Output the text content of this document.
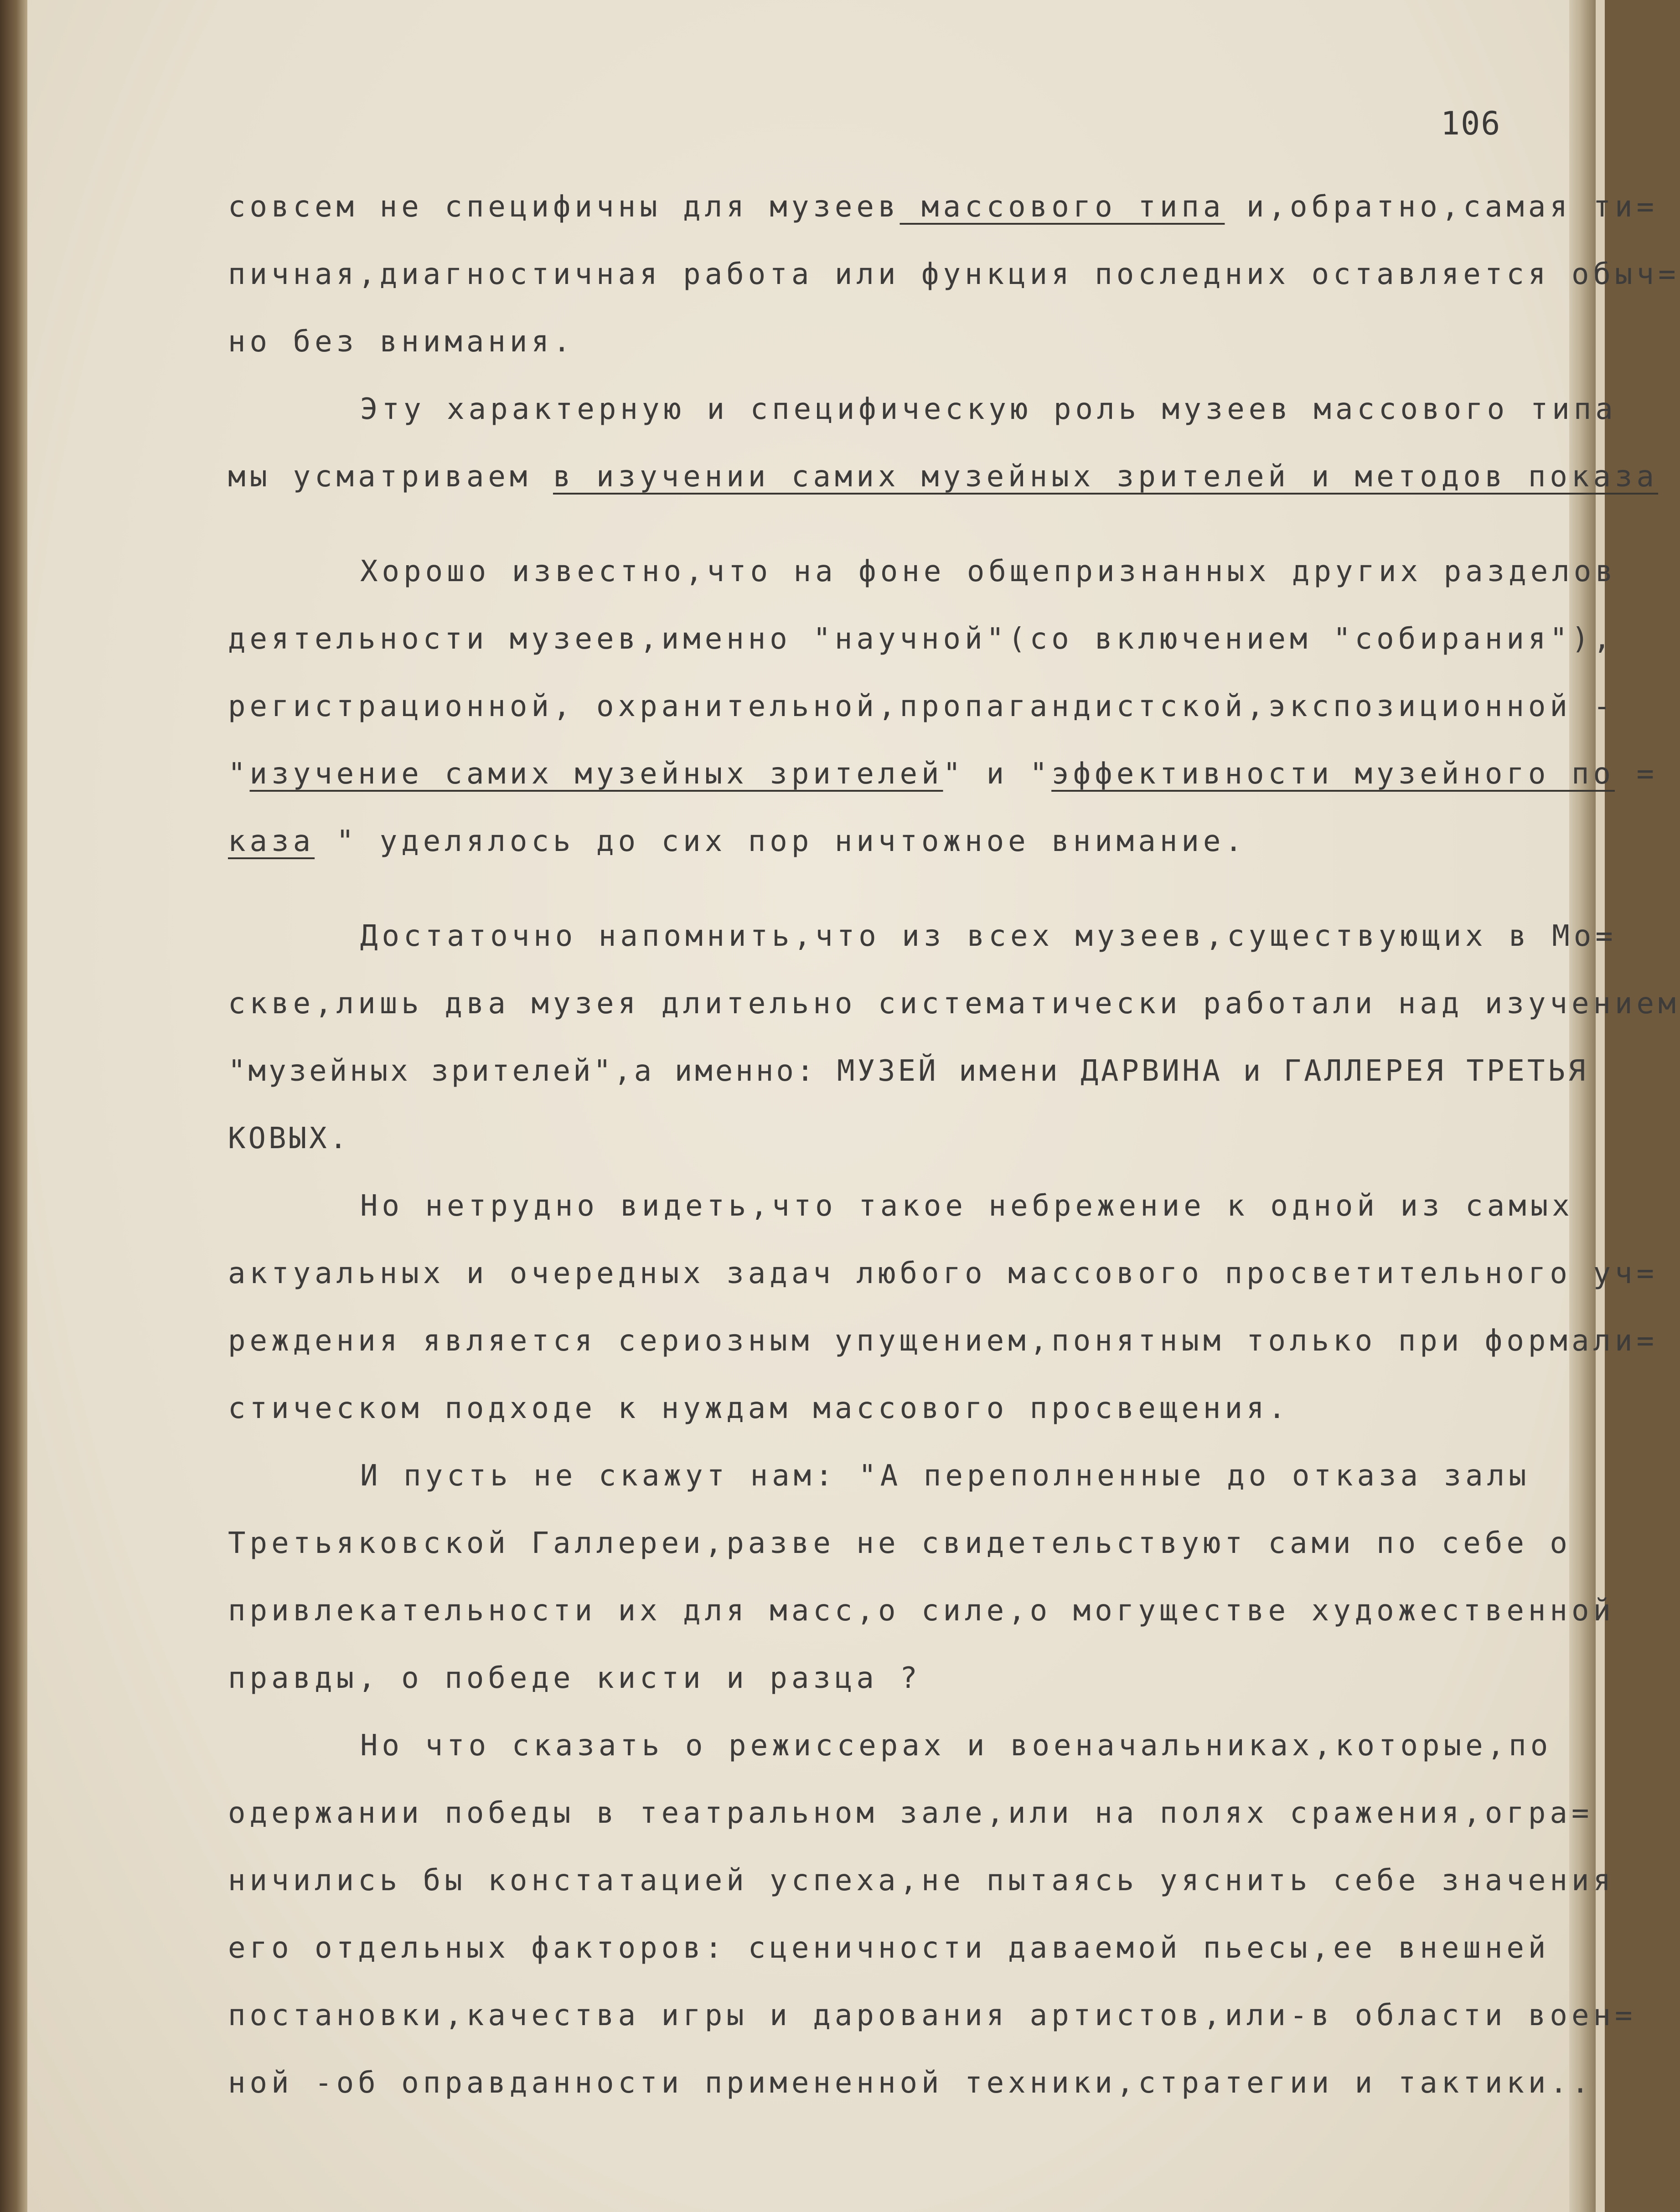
106
совсем не специфичны для музеев массового типа и,обратно,самая ти=
пичная,диагностичная работа или функция последних оставляется обыч=
но без внимания.
Эту характерную и специфическую роль музеев массового типа
мы усматриваем в изучении самих музейных зрителей и методов показа
Хорошо известно,что на фоне общепризнанных других разделов
деятельности музеев,именно "научной"(со включением "собирания"),
регистрационной, охранительной,пропагандистской,экспозиционной -
"изучение самих музейных зрителей" и "эффективности музейного по =
каза " уделялось до сих пор ничтожное внимание.
Достаточно напомнить,что из всех музеев,существующих в Мо=
скве,лишь два музея длительно систематически работали над изучением
"музейных зрителей",а именно: МУЗЕЙ имени ДАРВИНА и ГАЛЛЕРЕЯ ТРЕТЬЯ
КОВЫХ.
Но нетрудно видеть,что такое небрежение к одной из самых
актуальных и очередных задач любого массового просветительного уч=
реждения является сериозным упущением,понятным только при формали=
стическом подходе к нуждам массового просвещения.
И пусть не скажут нам: "А переполненные до отказа залы
Третьяковской Галлереи,разве не свидетельствуют сами по себе о
привлекательности их для масс,о силе,о могуществе художественной
правды, о победе кисти и разца ?
Но что сказать о режиссерах и военачальниках,которые,по
одержании победы в театральном зале,или на полях сражения,огра=
ничились бы констатацией успеха,не пытаясь уяснить себе значения
его отдельных факторов: сценичности даваемой пьесы,ее внешней
постановки,качества игры и дарования артистов,или-в области воен=
ной -об оправданности примененной техники,стратегии и тактики..
